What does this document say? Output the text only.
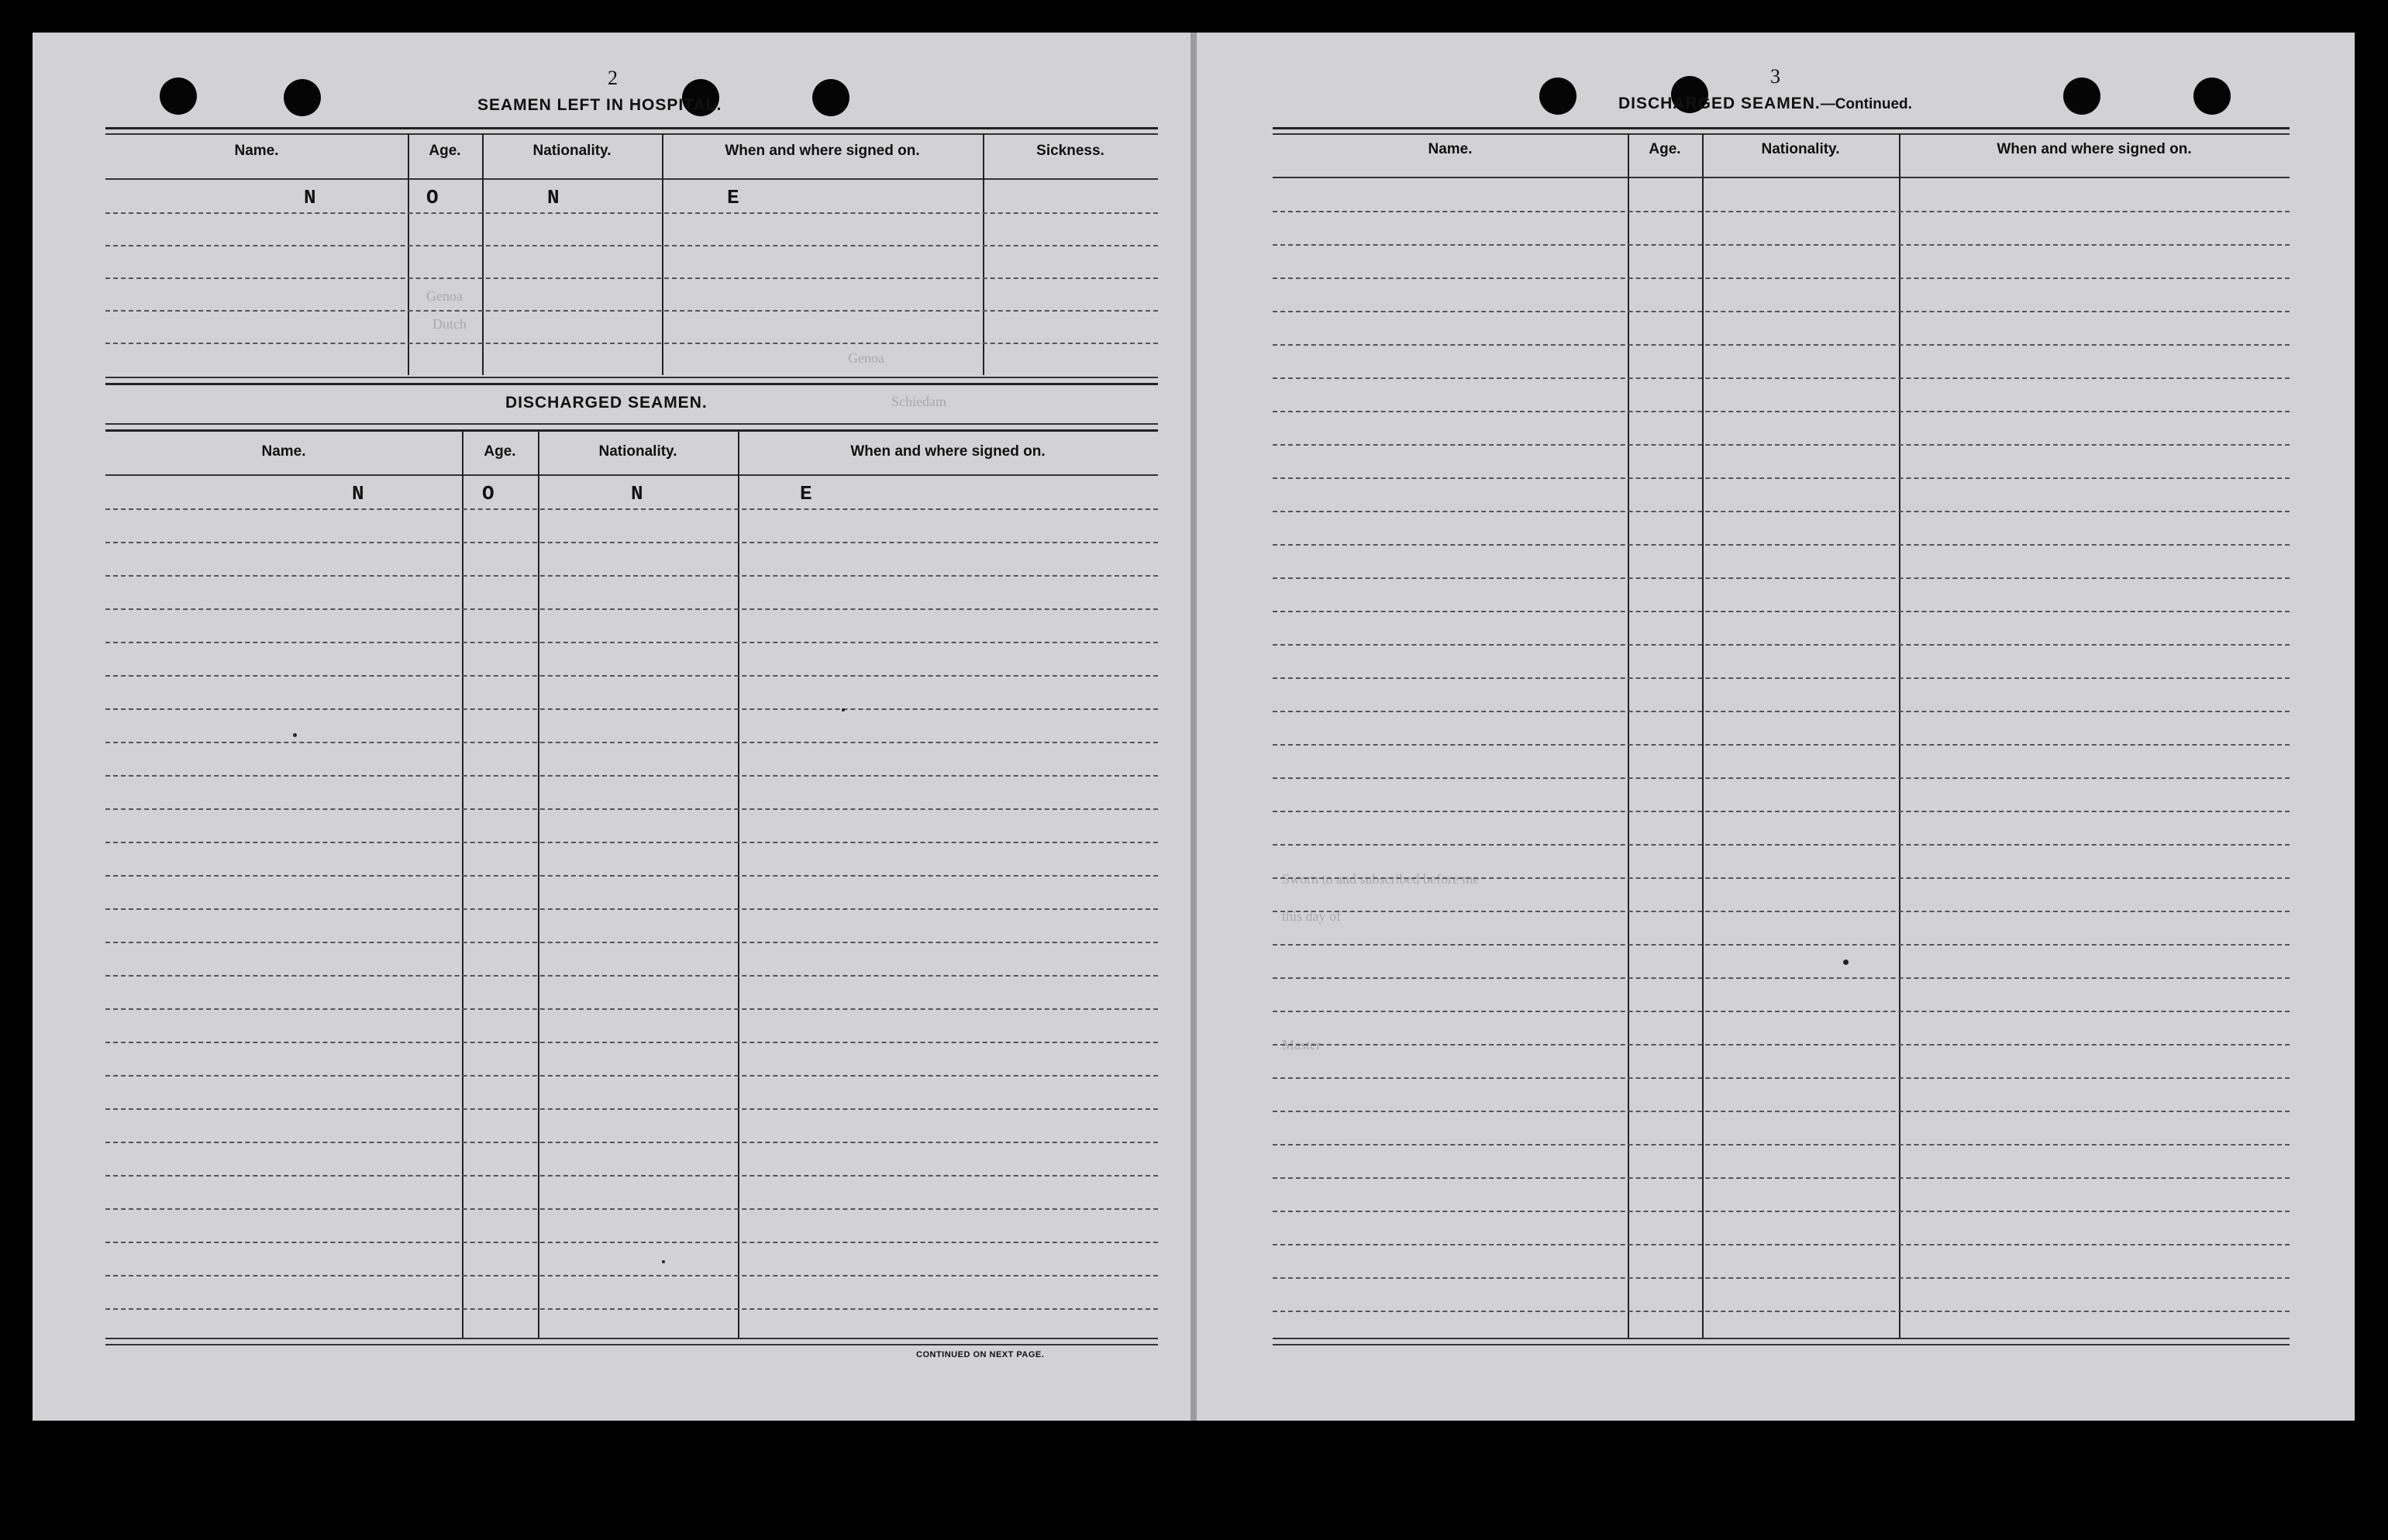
2
SEAMEN LEFT IN HOSPITAL.
Genoa
Dutch
Genoa
Schiedam
Name.	Age.	Nationality.	When and where signed on.	Sickness.
N	O	N	E
DISCHARGED SEAMEN.
Name.	Age.	Nationality.	When and where signed on.
N	O	N	E
CONTINUED ON NEXT PAGE.
3
DISCHARGED SEAMEN.—Continued.
Sworn to and subscribed before me
this day of
Master
Name.	Age.	Nationality.	When and where signed on.
